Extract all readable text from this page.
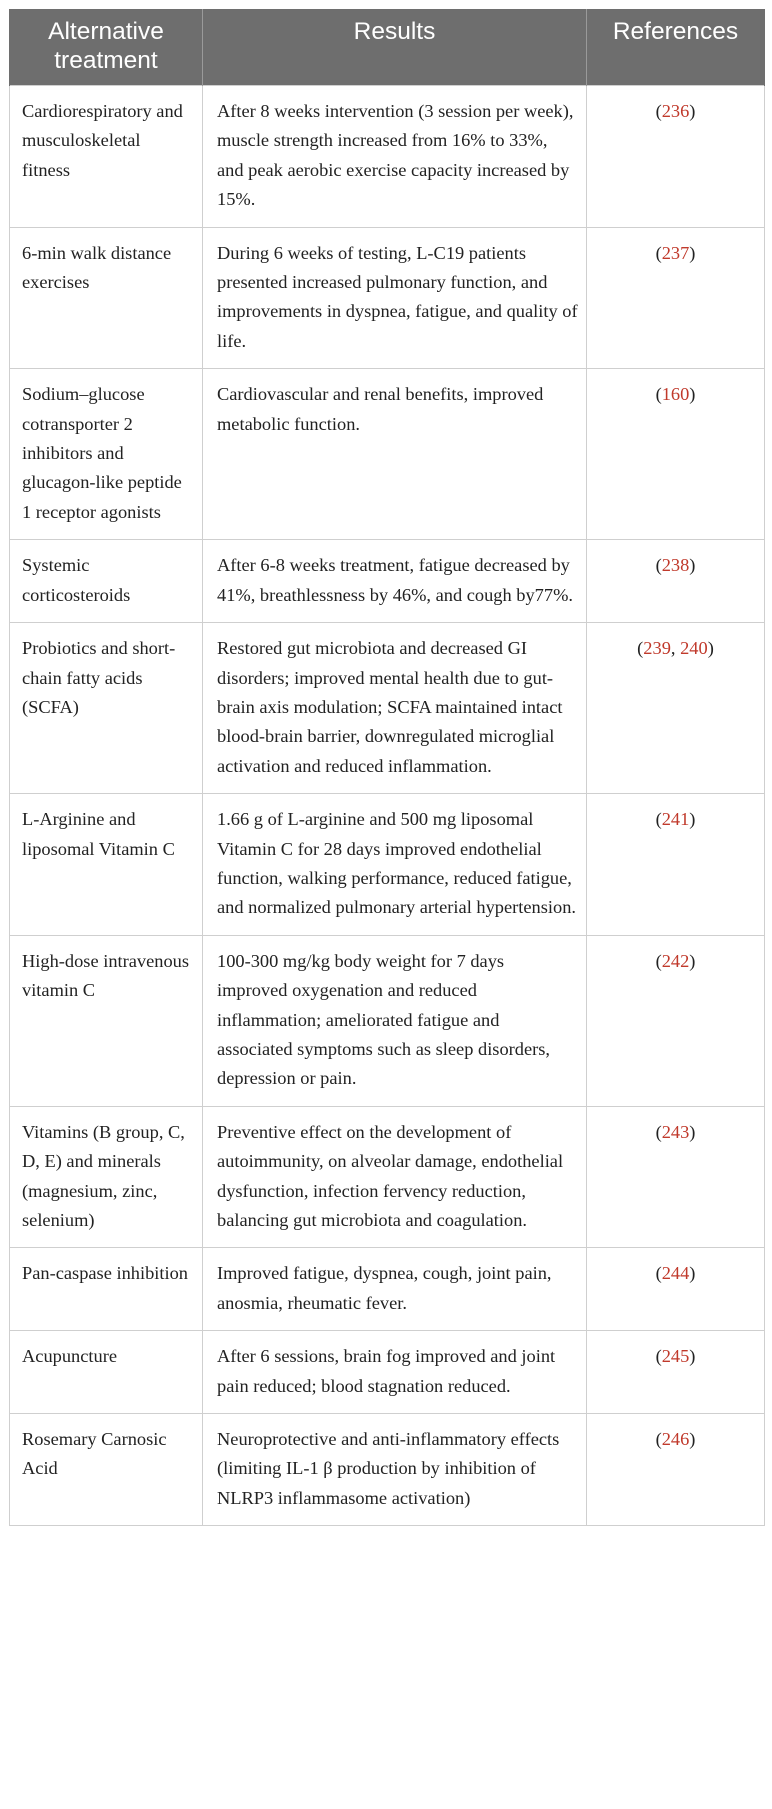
Alternative
treatment	Results	References
Cardiorespiratory and musculoskeletal fitness	After 8 weeks intervention (3 session per week), muscle strength increased from 16% to 33%, and peak aerobic exercise capacity increased by 15%.	(236)
6-min walk distance exercises	During 6 weeks of testing, L-C19 patients presented increased pulmonary function, and improvements in dyspnea, fatigue, and quality of life.	(237)
Sodium–glucose cotransporter 2 inhibitors and glucagon-like peptide 1 receptor agonists	Cardiovascular and renal benefits, improved metabolic function.	(160)
Systemic corticosteroids	After 6-8 weeks treatment, fatigue decreased by 41%, breathlessness by 46%, and cough by77%.	(238)
Probiotics and short-chain fatty acids (SCFA)	Restored gut microbiota and decreased GI disorders; improved mental health due to gut- brain axis modulation; SCFA maintained intact blood-brain barrier, downregulated microglial activation and reduced inflammation.	(239, 240)
L-Arginine and liposomal Vitamin C	1.66 g of L-arginine and 500 mg liposomal Vitamin C for 28 days improved endothelial function, walking performance, reduced fatigue, and normalized pulmonary arterial hypertension.	(241)
High-dose intravenous vitamin C	100-300 mg/kg body weight for 7 days improved oxygenation and reduced inflammation; ameliorated fatigue and associated symptoms such as sleep disorders, depression or pain.	(242)
Vitamins (B group, C, D, E) and minerals (magnesium, zinc, selenium)	Preventive effect on the development of autoimmunity, on alveolar damage, endothelial dysfunction, infection fervency reduction, balancing gut microbiota and coagulation.	(243)
Pan-caspase inhibition	Improved fatigue, dyspnea, cough, joint pain, anosmia, rheumatic fever.	(244)
Acupuncture	After 6 sessions, brain fog improved and joint pain reduced; blood stagnation reduced.	(245)
Rosemary Carnosic Acid	Neuroprotective and anti-inflammatory effects (limiting IL-1 β production by inhibition of NLRP3 inflammasome activation)	(246)
